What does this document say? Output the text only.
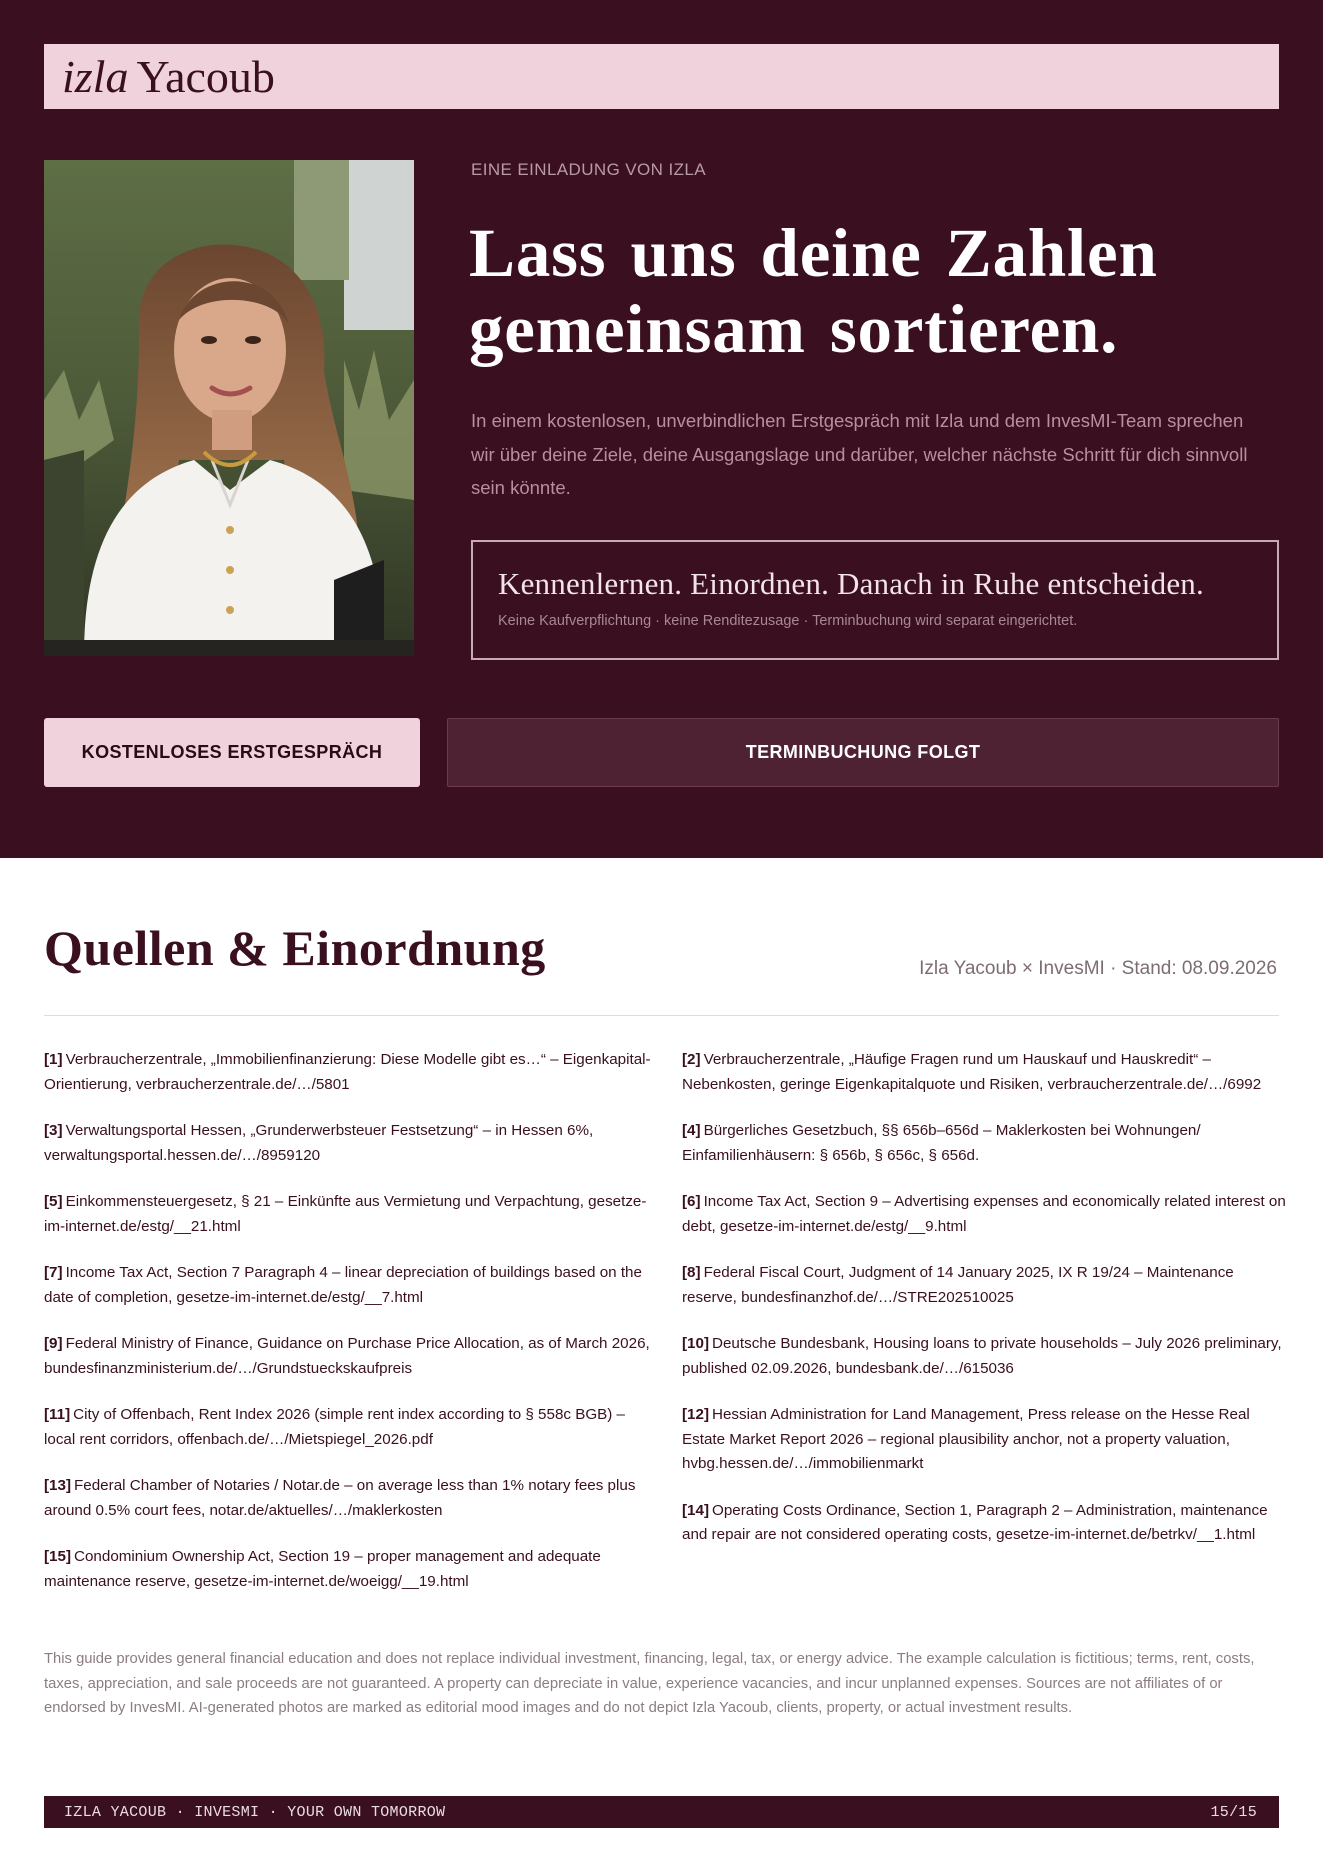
izla Yacoub
EINE EINLADUNG VON IZLA
Lass uns deine Zahlen gemeinsam sortieren.

In einem kostenlosen, unverbindlichen Erstgespräch mit Izla und dem InvesMI-Team sprechen wir über deine Ziele, deine Ausgangslage und darüber, welcher nächste Schritt für dich sinnvoll sein könnte.

Kennenlernen. Einordnen. Danach in Ruhe entscheiden.
Keine Kaufverpflichtung · keine Renditezusage · Terminbuchung wird separat eingerichtet.
KOSTENLOSES ERSTGESPRÄCH	TERMINBUCHUNG FOLGT
Quellen & Einordnung	Izla Yacoub × InvesMI · Stand: 08.09.2026

[1] Verbraucherzentrale, „Immobilienfinanzierung: Diese Modelle gibt es…“ – Eigenkapital-Orientierung, verbraucherzentrale.de/…/5801

[3] Verwaltungsportal Hessen, „Grunderwerbsteuer Festsetzung“ – in Hessen 6%, verwaltungsportal.hessen.de/…/8959120

[5] Einkommensteuergesetz, § 21 – Einkünfte aus Vermietung und Verpachtung, gesetze-im-internet.de/estg/__21.html

[7] Income Tax Act, Section 7 Paragraph 4 – linear depreciation of buildings based on the date of completion, gesetze-im-internet.de/estg/__7.html

[9] Federal Ministry of Finance, Guidance on Purchase Price Allocation, as of March 2026, bundesfinanzministerium.de/…/Grundstueckskaufpreis

[11] City of Offenbach, Rent Index 2026 (simple rent index according to § 558c BGB) – local rent corridors, offenbach.de/…/Mietspiegel_2026.pdf

[13] Federal Chamber of Notaries / Notar.de – on average less than 1% notary fees plus around 0.5% court fees, notar.de/aktuelles/…/maklerkosten

[15] Condominium Ownership Act, Section 19 – proper management and adequate maintenance reserve, gesetze-im-internet.de/woeigg/__19.html

[2] Verbraucherzentrale, „Häufige Fragen rund um Hauskauf und Hauskredit“ – Nebenkosten, geringe Eigenkapitalquote und Risiken, verbraucherzentrale.de/…/6992

[4] Bürgerliches Gesetzbuch, §§ 656b–656d – Maklerkosten bei Wohnungen/ Einfamilienhäusern: § 656b, § 656c, § 656d.

[6] Income Tax Act, Section 9 – Advertising expenses and economically related interest on debt, gesetze-im-internet.de/estg/__9.html

[8] Federal Fiscal Court, Judgment of 14 January 2025, IX R 19/24 – Maintenance reserve, bundesfinanzhof.de/…/STRE202510025

[10] Deutsche Bundesbank, Housing loans to private households – July 2026 preliminary, published 02.09.2026, bundesbank.de/…/615036

[12] Hessian Administration for Land Management, Press release on the Hesse Real Estate Market Report 2026 – regional plausibility anchor, not a property valuation, hvbg.hessen.de/…/immobilienmarkt

[14] Operating Costs Ordinance, Section 1, Paragraph 2 – Administration, maintenance and repair are not considered operating costs, gesetze-im-internet.de/betrkv/__1.html

This guide provides general financial education and does not replace individual investment, financing, legal, tax, or energy advice. The example calculation is fictitious; terms, rent, costs, taxes, appreciation, and sale proceeds are not guaranteed. A property can depreciate in value, experience vacancies, and incur unplanned expenses. Sources are not affiliates of or endorsed by InvesMI. AI-generated photos are marked as editorial mood images and do not depict Izla Yacoub, clients, property, or actual investment results.

IZLA YACOUB · INVESMI · YOUR OWN TOMORROW	15/15
